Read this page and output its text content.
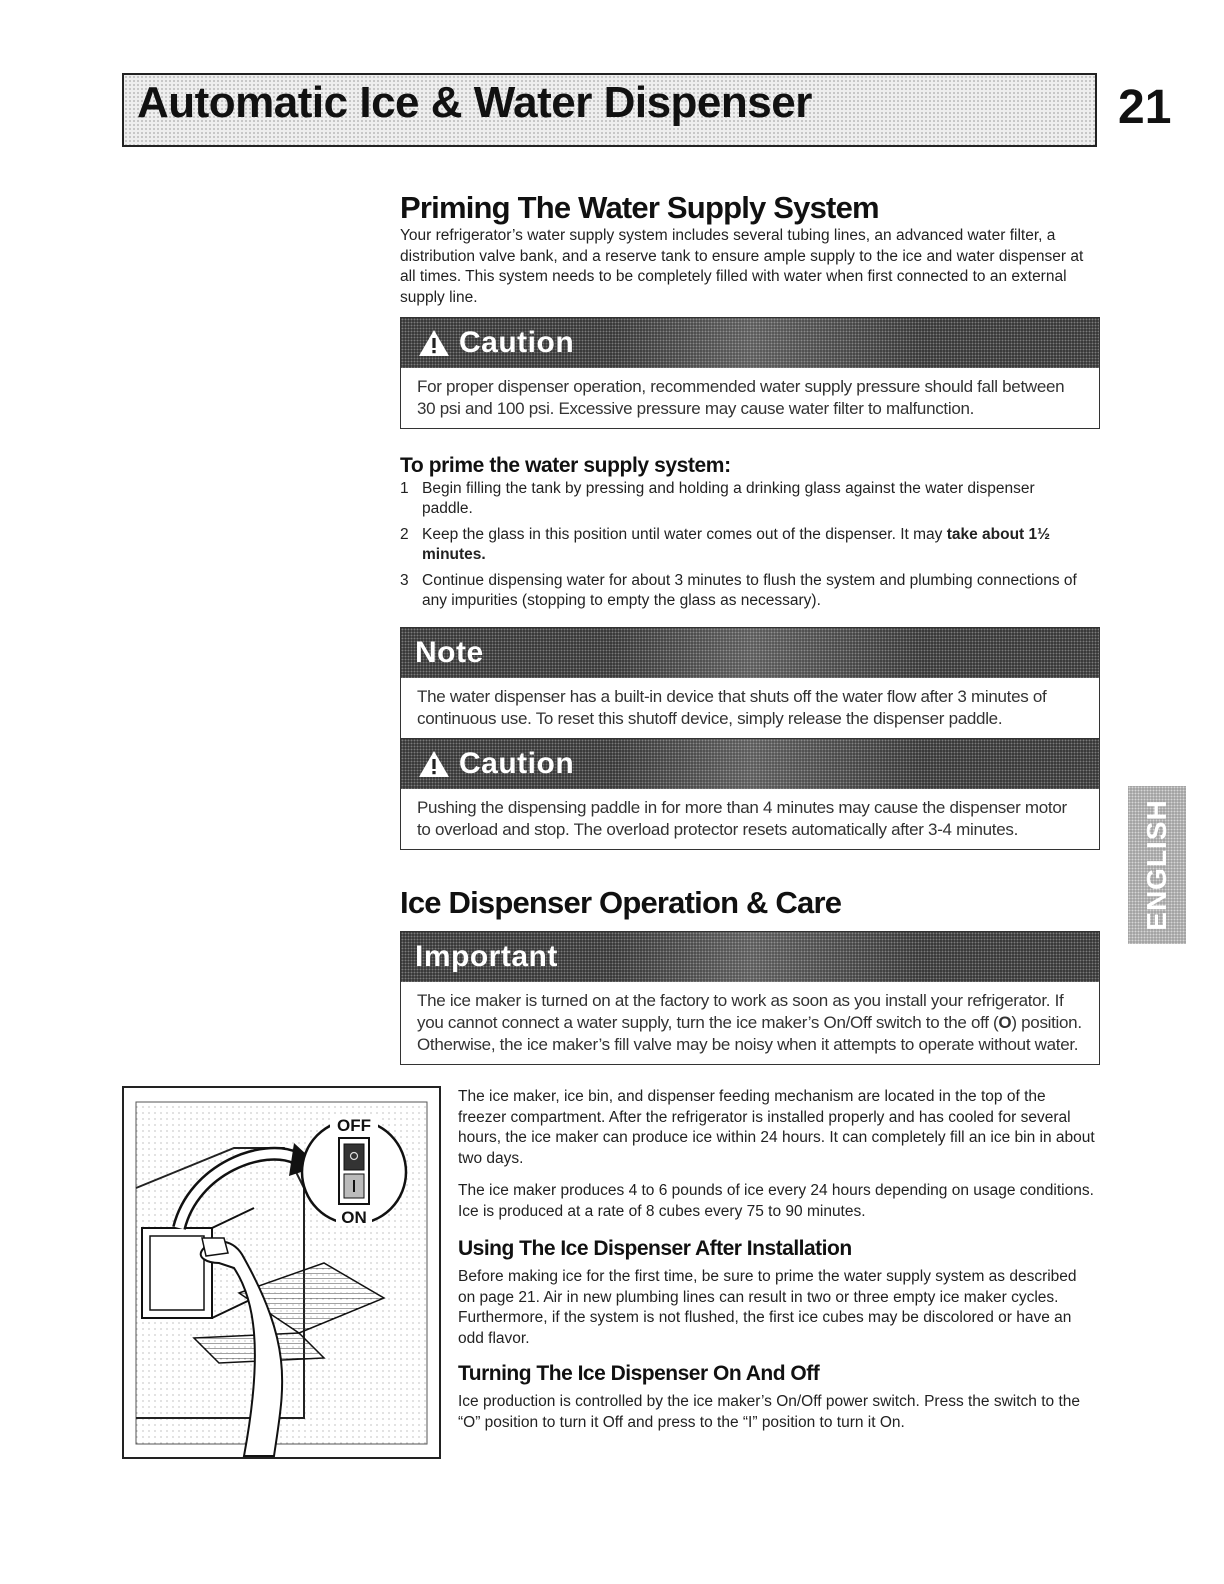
Automatic Ice & Water Dispenser	21
ENGLISH
Priming The Water Supply System
Your refrigerator’s water supply system includes several tubing lines, an advanced water filter, a distribution valve bank, and a reserve tank to ensure ample supply to the ice and water dispenser at all times. This system needs to be completely filled with water when first connected to an external supply line.
Caution
For proper dispenser operation, recommended water supply pressure should fall between 30 psi and 100 psi. Excessive pressure may cause water filter to malfunction.
To prime the water supply system:
1 Begin filling the tank by pressing and holding a drinking glass against the water dispenser paddle.
2 Keep the glass in this position until water comes out of the dispenser. It may take about 1½ minutes.
3 Continue dispensing water for about 3 minutes to flush the system and plumbing connections of any impurities (stopping to empty the glass as necessary).
Note
The water dispenser has a built-in device that shuts off the water flow after 3 minutes of continuous use. To reset this shutoff device, simply release the dispenser paddle.
Caution
Pushing the dispensing paddle in for more than 4 minutes may cause the dispenser motor to overload and stop. The overload protector resets automatically after 3-4 minutes.
Ice Dispenser Operation & Care
Important
The ice maker is turned on at the factory to work as soon as you install your refrigerator. If you cannot connect a water supply, turn the ice maker’s On/Off switch to the off (O) position. Otherwise, the ice maker’s fill valve may be noisy when it attempts to operate without water.
OFF
ON
The ice maker, ice bin, and dispenser feeding mechanism are located in the top of the freezer compartment. After the refrigerator is installed properly and has cooled for several hours, the ice maker can produce ice within 24 hours. It can completely fill an ice bin in about two days.
The ice maker produces 4 to 6 pounds of ice every 24 hours depending on usage conditions. Ice is produced at a rate of 8 cubes every 75 to 90 minutes.
Using The Ice Dispenser After Installation
Before making ice for the first time, be sure to prime the water supply system as described on page 21. Air in new plumbing lines can result in two or three empty ice maker cycles. Furthermore, if the system is not flushed, the first ice cubes may be discolored or have an odd flavor.
Turning The Ice Dispenser On And Off
Ice production is controlled by the ice maker’s On/Off power switch. Press the switch to the “O” position to turn it Off and press to the “I” position to turn it On.
